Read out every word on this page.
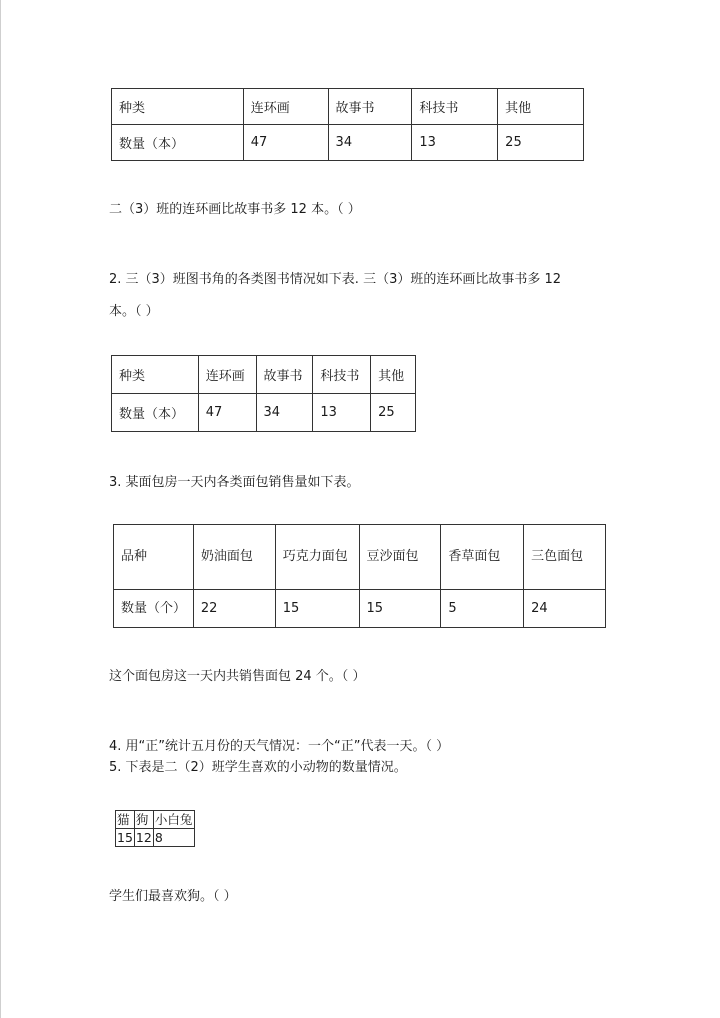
种类	连环画	故事书	科技书	其他
数量（本）	47	34	13	25

二（3）班的连环画比故事书多 12 本。（ ）

2. 三（3）班图书角的各类图书情况如下表. 三（3）班的连环画比故事书多 12

本。（ ）

种类	连环画	故事书	科技书	其他
数量（本）	47	34	13	25

3. 某面包房一天内各类面包销售量如下表。

品种	奶油面包	巧克力面包	豆沙面包	香草面包	三色面包
数量（个）	22	15	15	5	24

这个面包房这一天内共销售面包 24 个。（ ）

4. 用“正”统计五月份的天气情况：一个“正”代表一天。（ ）

5. 下表是二（2）班学生喜欢的小动物的数量情况。

猫	狗	小白兔
15	12	8

学生们最喜欢狗。（ ）
